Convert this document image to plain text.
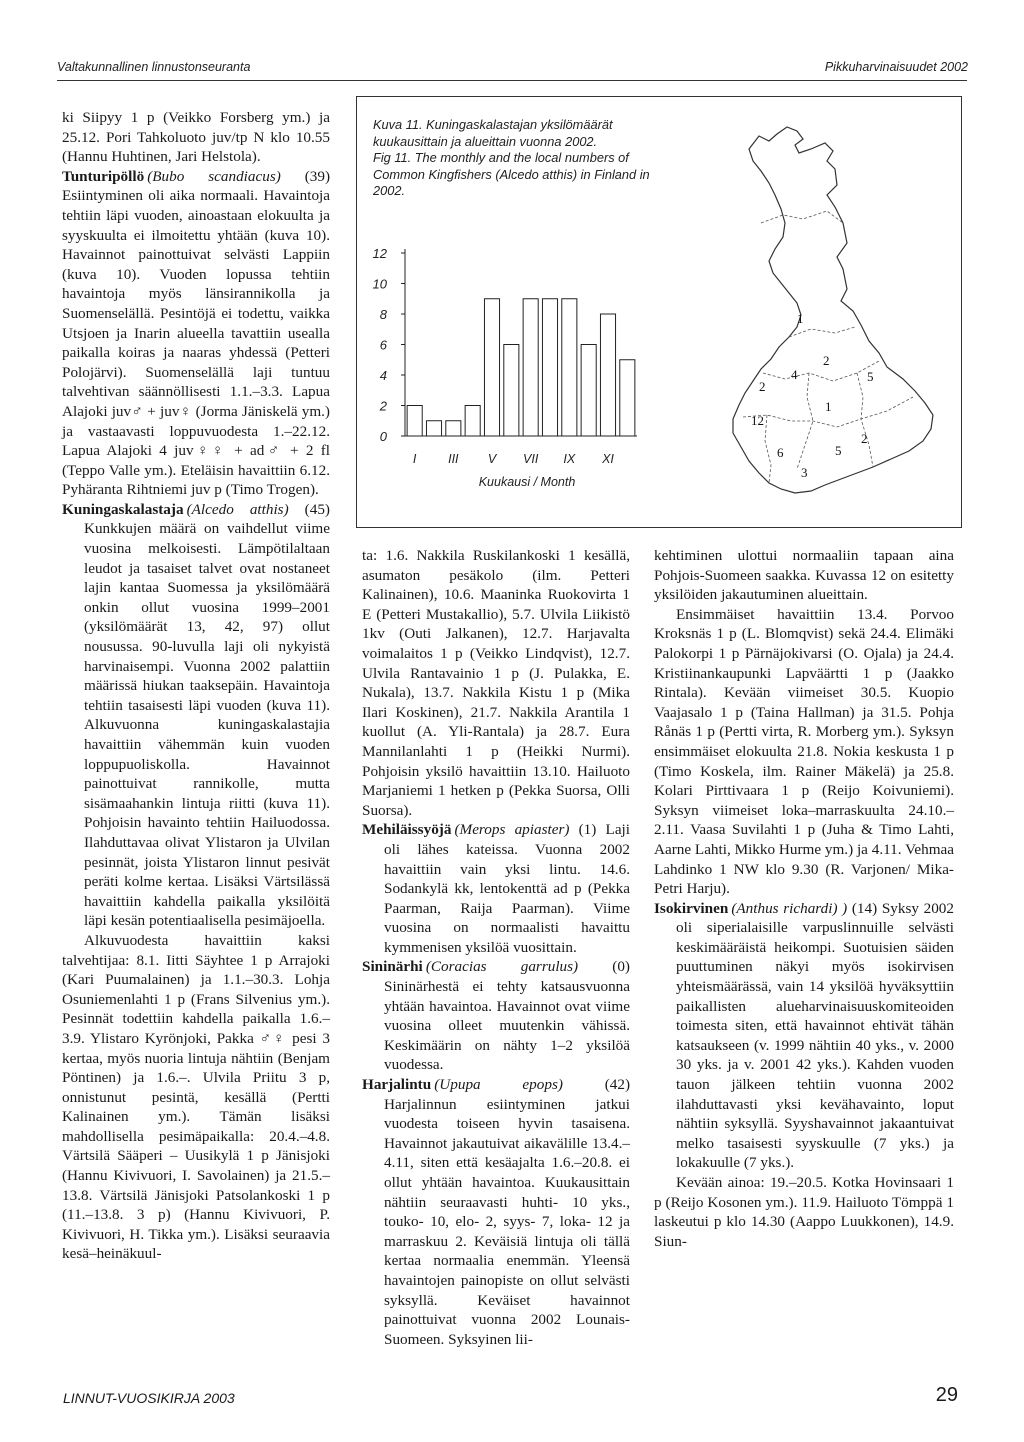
Valtakunnallinen linnustonseuranta	Pikkuharvinaisuudet 2002

ki Siipyy 1 p (Veikko Forsberg ym.) ja 25.12. Pori Tahkoluoto juv/tp N klo 10.55 (Hannu Huhtinen, Jari Helstola).

Tunturipöllö  (Bubo scandiacus) (39) Esiintyminen oli aika normaali. Havaintoja tehtiin läpi vuoden, ainoastaan elokuulta ja syyskuulta ei ilmoitettu yhtään (kuva 10). Havainnot painottuivat selvästi Lappiin (kuva 10). Vuoden lopussa tehtiin havaintoja myös länsirannikolla ja Suomenselällä. Pesintöjä ei todettu, vaikka Utsjoen ja Inarin alueella tavattiin usealla paikalla koiras ja naaras yhdessä (Petteri Polojärvi). Suomenselällä laji tuntuu talvehtivan säännöllisesti 1.1.–3.3. Lapua Alajoki juv♂ + juv♀ (Jorma Jäniskelä ym.) ja vastaavasti loppuvuodesta 1.–22.12. Lapua Alajoki 4 juv♀♀ + ad♂ + 2 fl (Teppo Valle ym.). Eteläisin havaittiin 6.12. Pyhäranta Rihtniemi juv p (Timo Trogen).

Kuningaskalastaja  (Alcedo atthis) (45) Kunkkujen määrä on vaihdellut viime vuosina melkoisesti. Lämpötilaltaan leudot ja tasaiset talvet ovat nostaneet lajin kantaa Suomessa ja yksilömäärä onkin ollut vuosina 1999–2001 (yksilömäärät 13, 42, 97) ollut nousussa. 90-luvulla laji oli nykyistä harvinaisempi. Vuonna 2002 palattiin määrissä hiukan taaksepäin. Havaintoja tehtiin tasaisesti läpi vuoden (kuva 11). Alkuvuonna kuningaskalastajia havaittiin vähemmän kuin vuoden loppupuoliskolla. Havainnot painottuivat rannikolle, mutta sisämaahankin lintuja riitti (kuva 11). Pohjoisin havainto tehtiin Hailuodossa. Ilahduttavaa olivat Ylistaron ja Ulvilan pesinnät, joista Ylistaron linnut pesivät peräti kolme kertaa. Lisäksi Värtsilässä havaittiin kahdella paikalla yksilöitä läpi kesän potentiaalisella pesimäjoella.

Alkuvuodesta havaittiin kaksi talvehtijaa: 8.1. Iitti Säyhtee 1 p Arrajoki (Kari Puumalainen) ja 1.1.–30.3. Lohja Osuniemenlahti 1 p (Frans Silvenius ym.). Pesinnät todettiin kahdella paikalla 1.6.–3.9. Ylistaro Kyrönjoki, Pakka ♂♀ pesi 3 kertaa, myös nuoria lintuja nähtiin (Benjam Pöntinen) ja 1.6.–. Ulvila Priitu 3 p, onnistunut pesintä, kesällä (Pertti Kalinainen ym.). Tämän lisäksi mahdollisella pesimäpaikalla: 20.4.–4.8. Värtsilä Sääperi – Uusikylä 1 p Jänisjoki (Hannu Kivivuori, I. Savolainen) ja 21.5.–13.8. Värtsilä Jänisjoki Patsolankoski 1 p (11.–13.8. 3 p) (Hannu Kivivuori, P. Kivivuori, H. Tikka ym.). Lisäksi seuraavia kesä–heinäkuul-

Kuva 11. Kuningaskalastajan yksilömäärät kuukausittain ja alueittain vuonna 2002.

Fig 11. The monthly and the local numbers of Common Kingfishers (Alcedo atthis) in Finland in 2002.

0
2
4
6
8
10
12
I	III V VII IX XI
Kuukausi / Month
1
2
4
2
5
1
12
6	5
2
3

ta: 1.6. Nakkila Ruskilankoski 1 kesällä, asumaton pesäkolo (ilm. Petteri Kalinainen), 10.6. Maaninka Ruokovirta 1 E (Petteri Mustakallio), 5.7. Ulvila Liikistö 1kv (Outi Jalkanen), 12.7. Harjavalta voimalaitos 1 p (Veikko Lindqvist), 12.7. Ulvila Rantavainio 1 p (J. Pulakka, E. Nukala), 13.7. Nakkila Kistu 1 p (Mika Ilari Koskinen), 21.7. Nakkila Arantila 1 kuollut (A. Yli-Rantala) ja 28.7. Eura Mannilanlahti 1 p (Heikki Nurmi). Pohjoisin yksilö havaittiin 13.10. Hailuoto Marjaniemi 1 hetken p (Pekka Suorsa, Olli Suorsa).

Mehiläissyöjä  (Merops apiaster) (1) Laji oli lähes kateissa. Vuonna 2002 havaittiin vain yksi lintu. 14.6. Sodankylä kk, lentokenttä ad p (Pekka Paarman, Raija Paarman). Viime vuosina on normaalisti havaittu kymmenisen yksilöä vuosittain.

Sininärhi  (Coracias garrulus) (0) Sininärhestä ei tehty katsausvuonna yhtään havaintoa. Havainnot ovat viime vuosina olleet muutenkin vähissä. Keskimäärin on nähty 1–2 yksilöä vuodessa.

Harjalintu  (Upupa epops) (42) Harjalinnun esiintyminen jatkui vuodesta toiseen hyvin tasaisena. Havainnot jakautuivat aikavälille 13.4.–4.11, siten että kesäajalta 1.6.–20.8. ei ollut yhtään havaintoa. Kuukausittain nähtiin seuraavasti huhti- 10 yks., touko- 10, elo- 2, syys- 7, loka- 12 ja marraskuu 2. Keväisiä lintuja oli tällä kertaa normaalia enemmän. Yleensä havaintojen painopiste on ollut selvästi syksyllä. Keväiset havainnot painottuivat vuonna 2002 Lounais-Suomeen. Syksyinen lii-

kehtiminen ulottui normaaliin tapaan aina Pohjois-Suomeen saakka. Kuvassa 12 on esitetty yksilöiden jakautuminen alueittain.

Ensimmäiset havaittiin 13.4. Porvoo Kroksnäs 1 p (L. Blomqvist) sekä 24.4. Elimäki Palokorpi 1 p Pärnäjokivarsi (O. Ojala) ja 24.4. Kristiinankaupunki Lapväärtti 1 p (Jaakko Rintala). Kevään viimeiset 30.5. Kuopio Vaajasalo 1 p (Taina Hallman) ja 31.5. Pohja Rånäs 1 p (Pertti virta, R. Morberg ym.). Syksyn ensimmäiset elokuulta 21.8. Nokia keskusta 1 p (Timo Koskela, ilm. Rainer Mäkelä) ja 25.8. Kolari Pirttivaara 1 p (Reijo Koivuniemi). Syksyn viimeiset loka–marraskuulta 24.10.–2.11. Vaasa Suvilahti 1 p (Juha & Timo Lahti, Aarne Lahti, Mikko Hurme ym.) ja 4.11. Vehmaa Lahdinko 1 NW klo 9.30 (R. Varjonen/ Mika-Petri Harju).

Isokirvinen  (Anthus richardi) ) (14) Syksy 2002 oli siperialaisille varpuslinnuille selvästi keskimääräistä heikompi. Suotuisien säiden puuttuminen näkyi myös isokirvisen yhteismäärässä, vain 14 yksilöä hyväksyttiin paikallisten alueharvinaisuuskomiteoiden toimesta siten, että havainnot ehtivät tähän katsaukseen (v. 1999 nähtiin 40 yks., v. 2000 30 yks. ja v. 2001 42 yks.). Kahden vuoden tauon jälkeen tehtiin vuonna 2002 ilahduttavasti yksi kevähavainto, loput nähtiin syksyllä. Syyshavainnot jakaantuivat melko tasaisesti syyskuulle (7 yks.) ja lokakuulle (7 yks.).

Kevään ainoa: 19.–20.5. Kotka Hovinsaari 1 p (Reijo Kosonen ym.). 11.9. Hailuoto Tömppä 1 laskeutui p klo 14.30 (Aappo Luukkonen), 14.9. Siun-

LINNUT-VUOSIKIRJA 2003	29
